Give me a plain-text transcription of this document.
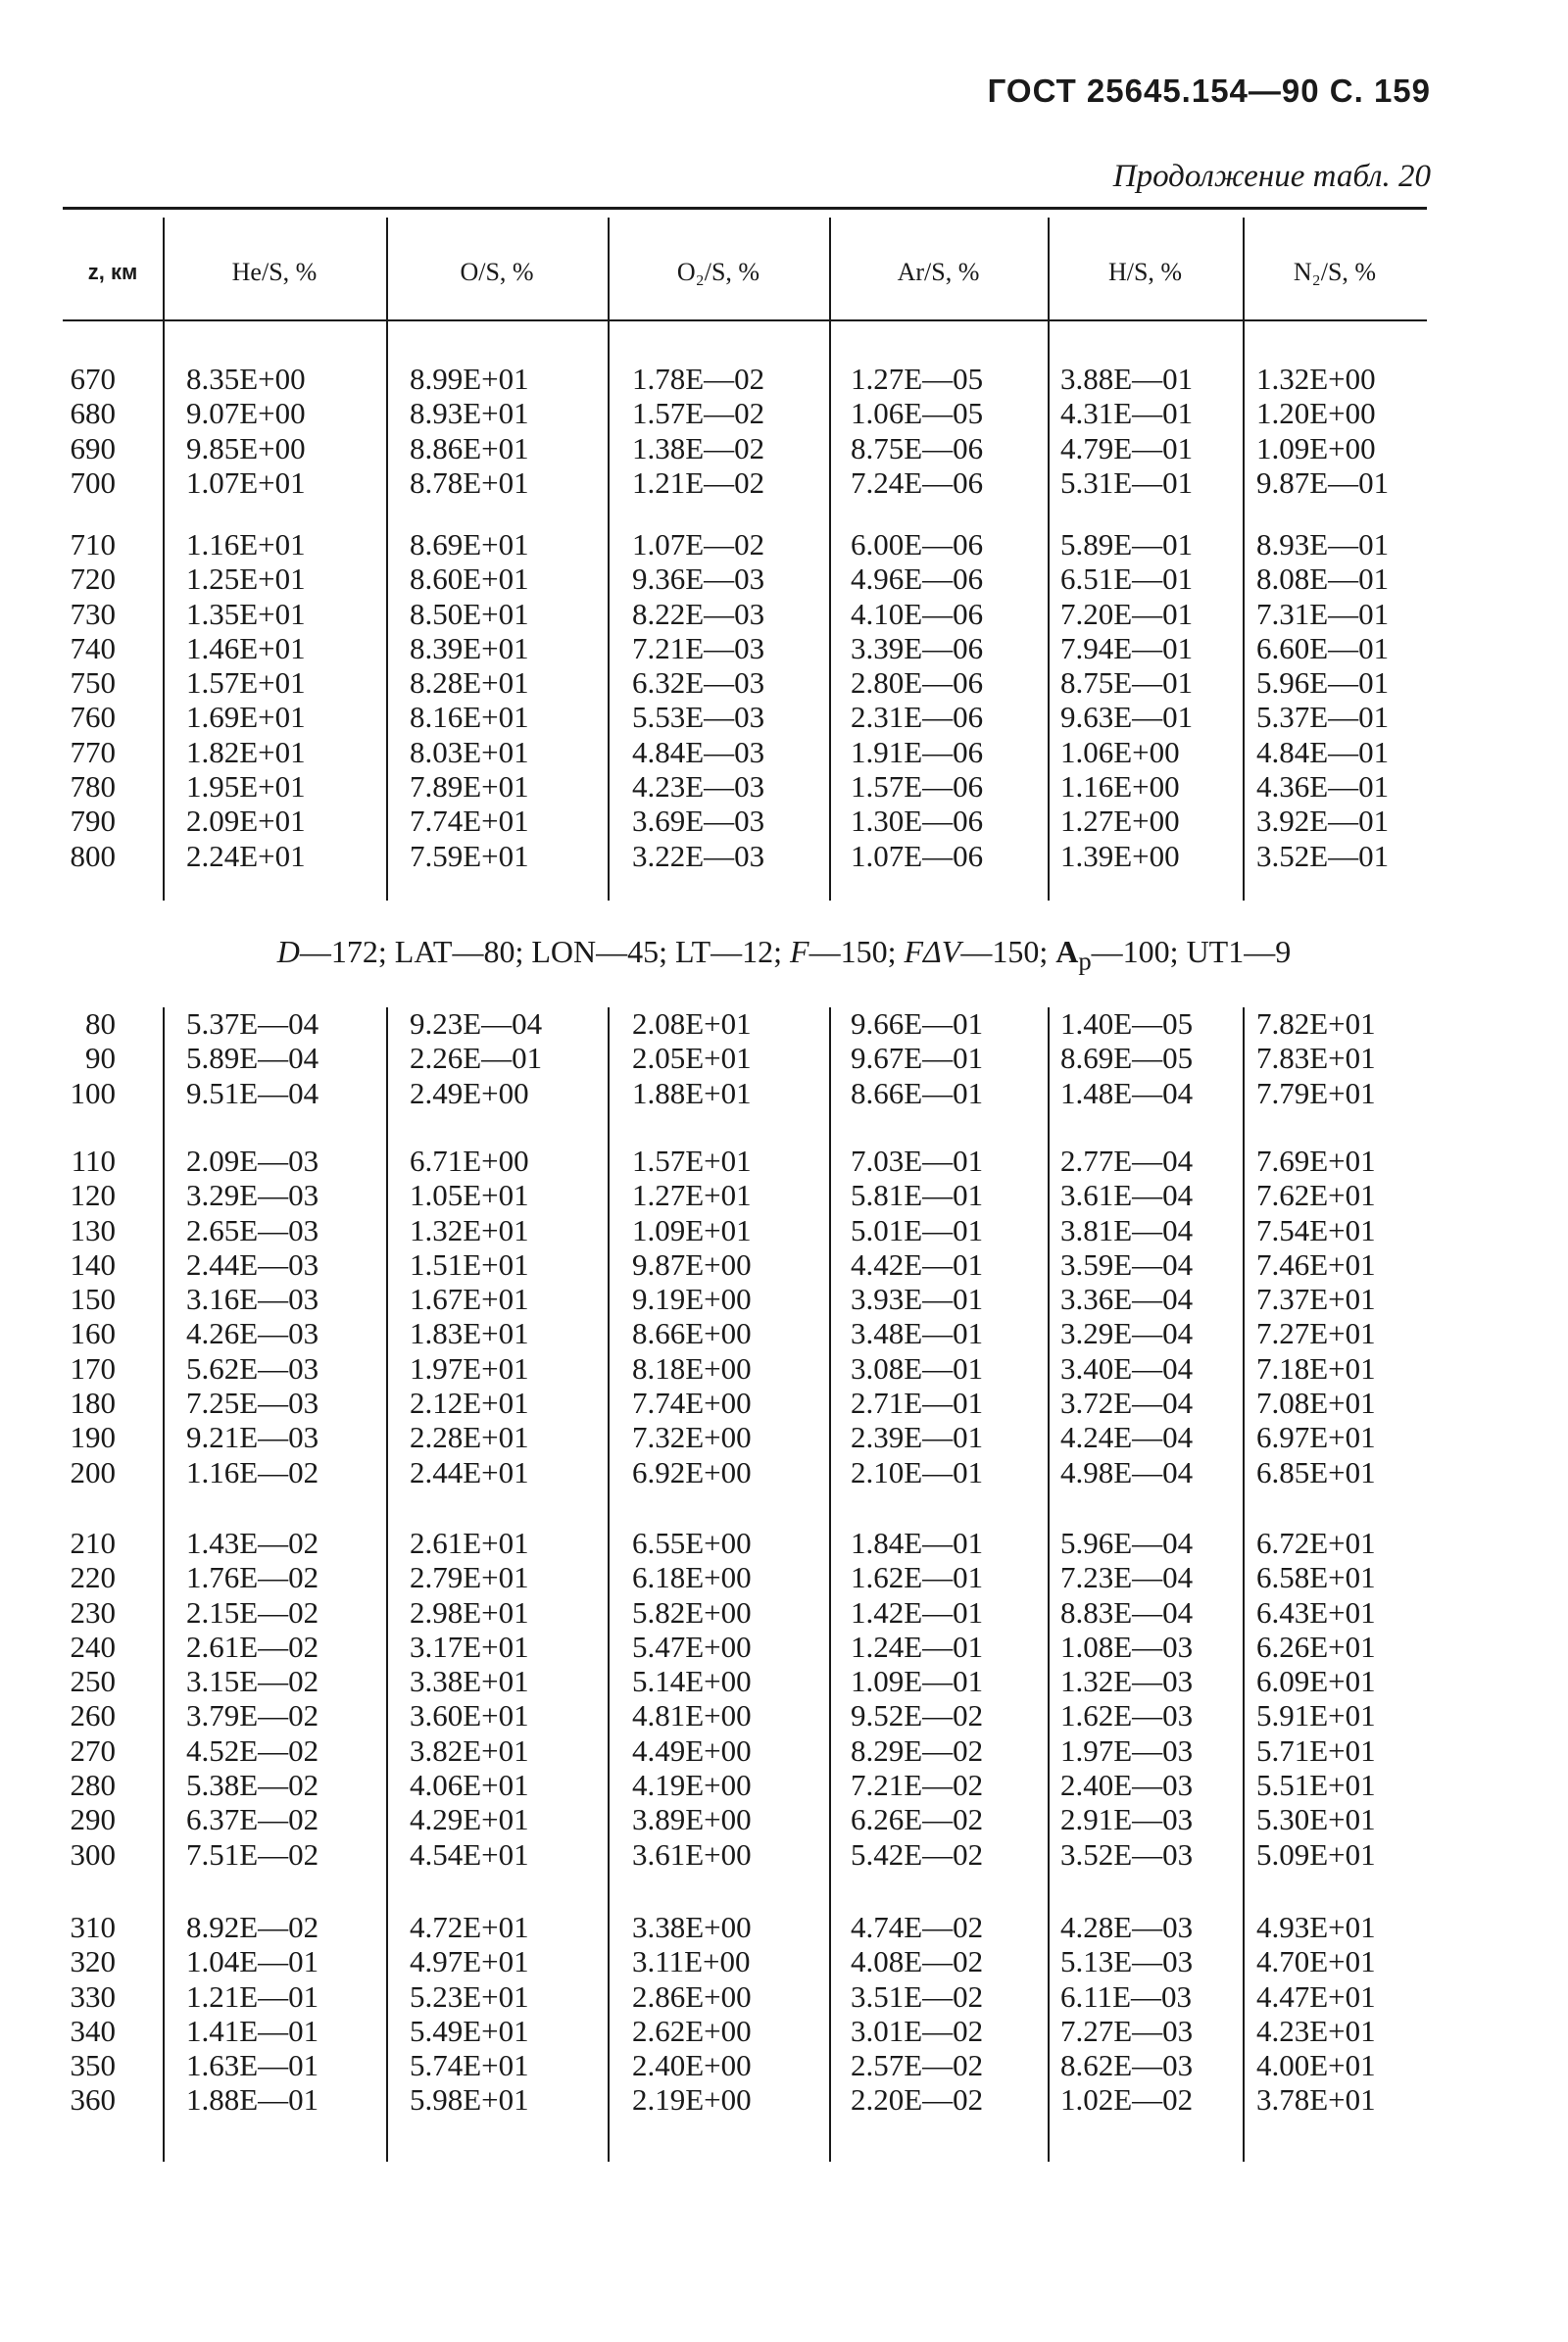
ГОСТ 25645.154—90 С. 159
Продолжение табл. 20
z, км	He/S, %	O/S, %	O₂/S, %	Ar/S, %	H/S, %	N₂/S, %
670 8.35E+00	8.99E+01	1.78E—02	1.27E—05	3.88E—01 1.32E+00
680 9.07E+00	8.93E+01	1.57E—02	1.06E—05	4.31E—01 1.20E+00
690 9.85E+00	8.86E+01	1.38E—02	8.75E—06	4.79E—01 1.09E+00
700 1.07E+01	8.78E+01	1.21E—02	7.24E—06	5.31E—01 9.87E—01
710 1.16E+01	8.69E+01	1.07E—02	6.00E—06	5.89E—01 8.93E—01
720 1.25E+01	8.60E+01	9.36E—03	4.96E—06	6.51E—01 8.08E—01
730 1.35E+01	8.50E+01	8.22E—03	4.10E—06	7.20E—01 7.31E—01
740 1.46E+01	8.39E+01	7.21E—03	3.39E—06	7.94E—01 6.60E—01
750 1.57E+01	8.28E+01	6.32E—03	2.80E—06	8.75E—01 5.96E—01
760 1.69E+01	8.16E+01	5.53E—03	2.31E—06	9.63E—01 5.37E—01
770 1.82E+01	8.03E+01	4.84E—03	1.91E—06	1.06E+00	4.84E—01
780 1.95E+01	7.89E+01	4.23E—03	1.57E—06	1.16E+00	4.36E—01
790 2.09E+01	7.74E+01	3.69E—03	1.30E—06	1.27E+00	3.92E—01
800 2.24E+01	7.59E+01	3.22E—03	1.07E—06	1.39E+00	3.52E—01
D—172; LAT—80; LON—45; LT—12; F—150; FΔV—150; $A_p—100$; UT1—9
80 5.37E—04	9.23E—04	2.08E+01	9.66E—01	1.40E—05 7.82E+01
90 5.89E—04	2.26E—01	2.05E+01	9.67E—01	8.69E—05 7.83E+01
100 9.51E—04	2.49E+00	1.88E+01	8.66E—01	1.48E—04 7.79E+01
110 2.09E—03	6.71E+00	1.57E+01	7.03E—01	2.77E—04 7.69E+01
120 3.29E—03	1.05E+01	1.27E+01	5.81E—01	3.61E—04 7.62E+01
130 2.65E—03	1.32E+01	1.09E+01	5.01E—01	3.81E—04 7.54E+01
140 2.44E—03	1.51E+01	9.87E+00	4.42E—01	3.59E—04 7.46E+01
150 3.16E—03	1.67E+01	9.19E+00	3.93E—01	3.36E—04 7.37E+01
160 4.26E—03	1.83E+01	8.66E+00	3.48E—01	3.29E—04 7.27E+01
170 5.62E—03	1.97E+01	8.18E+00	3.08E—01	3.40E—04 7.18E+01
180 7.25E—03	2.12E+01	7.74E+00	2.71E—01	3.72E—04 7.08E+01
190 9.21E—03	2.28E+01	7.32E+00	2.39E—01	4.24E—04 6.97E+01
200 1.16E—02	2.44E+01	6.92E+00	2.10E—01	4.98E—04 6.85E+01
210 1.43E—02	2.61E+01	6.55E+00	1.84E—01	5.96E—04 6.72E+01
220 1.76E—02	2.79E+01	6.18E+00	1.62E—01	7.23E—04 6.58E+01
230 2.15E—02	2.98E+01	5.82E+00	1.42E—01	8.83E—04 6.43E+01
240 2.61E—02	3.17E+01	5.47E+00	1.24E—01	1.08E—03 6.26E+01
250 3.15E—02	3.38E+01	5.14E+00	1.09E—01	1.32E—03 6.09E+01
260 3.79E—02	3.60E+01	4.81E+00	9.52E—02	1.62E—03 5.91E+01
270 4.52E—02	3.82E+01	4.49E+00	8.29E—02	1.97E—03 5.71E+01
280 5.38E—02	4.06E+01	4.19E+00	7.21E—02	2.40E—03 5.51E+01
290 6.37E—02	4.29E+01	3.89E+00	6.26E—02	2.91E—03 5.30E+01
300 7.51E—02	4.54E+01	3.61E+00	5.42E—02	3.52E—03 5.09E+01
310 8.92E—02	4.72E+01	3.38E+00	4.74E—02	4.28E—03 4.93E+01
320 1.04E—01	4.97E+01	3.11E+00	4.08E—02	5.13E—03 4.70E+01
330 1.21E—01	5.23E+01	2.86E+00	3.51E—02	6.11E—03 4.47E+01
340 1.41E—01	5.49E+01	2.62E+00	3.01E—02	7.27E—03 4.23E+01
350 1.63E—01	5.74E+01	2.40E+00	2.57E—02	8.62E—03 4.00E+01
360 1.88E—01	5.98E+01	2.19E+00	2.20E—02	1.02E—02 3.78E+01
